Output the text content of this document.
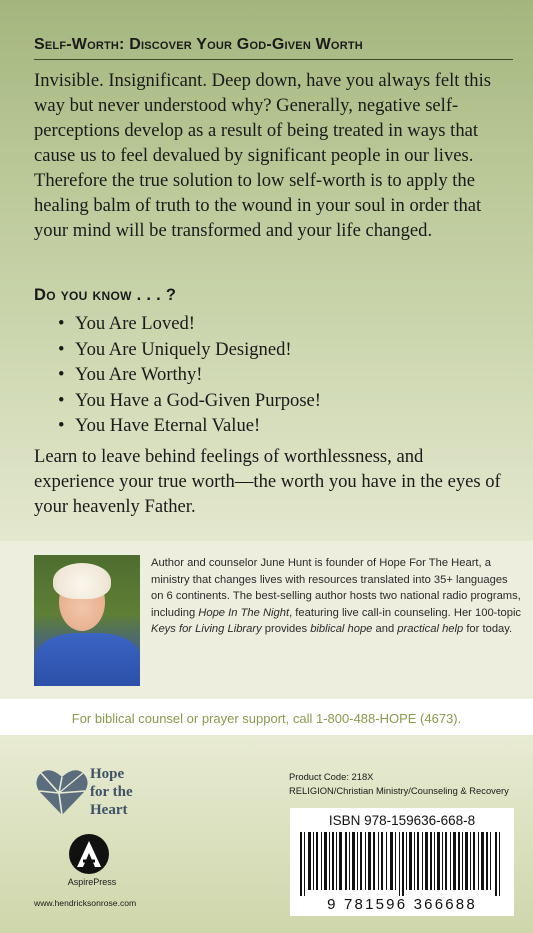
Self-Worth: Discover Your God-Given Worth

Invisible. Insignificant. Deep down, have you always felt this way but never understood why? Generally, negative self-perceptions develop as a result of being treated in ways that cause us to feel devalued by significant people in our lives. Therefore the true solution to low self-worth is to apply the healing balm of truth to the wound in your soul in order that your mind will be transformed and your life changed.

Do you know . . . ?
• You Are Loved!
• You Are Uniquely Designed!
• You Are Worthy!
• You Have a God-Given Purpose!
• You Have Eternal Value!

Learn to leave behind feelings of worthlessness, and experience your true worth—the worth you have in the eyes of your heavenly Father.

Author and counselor June Hunt is founder of Hope For The Heart, a ministry that changes lives with resources translated into 35+ languages on 6 continents. The best-selling author hosts two national radio programs, including Hope In The Night, featuring live call-in counseling. Her 100-topic Keys for Living Library provides biblical hope and practical help for today.

For biblical counsel or prayer support, call 1-800-488-HOPE (4673).
Hope
for the
Heart
AspirePress
www.hendricksonrose.com
Product Code: 218X
RELIGION/Christian Ministry/Counseling & Recovery
ISBN 978-159636-668-8
9 781596 366688
